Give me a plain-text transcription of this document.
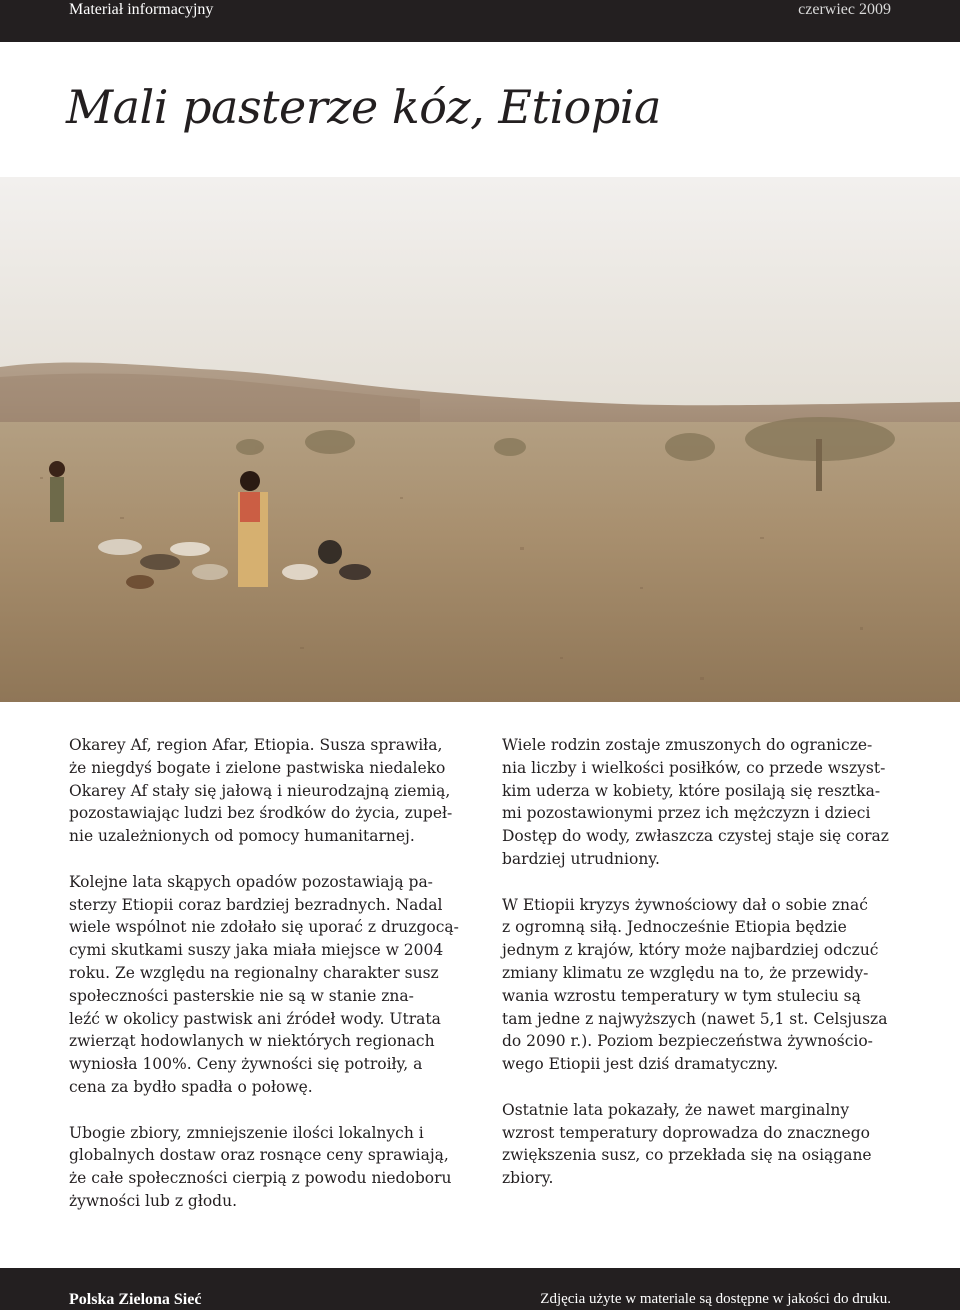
Materiał informacyjny	czerwiec 2009
Mali pasterze kóz, Etiopia

Okarey Af, region Afar, Etiopia. Susza sprawiła,
że niegdyś bogate i zielone pastwiska niedaleko
Okarey Af stały się jałową i nieurodzajną ziemią,
pozostawiając ludzi bez środków do życia, zupeł-
nie uzależnionych od pomocy humanitarnej.

Kolejne lata skąpych opadów pozostawiają pa-
sterzy Etiopii coraz bardziej bezradnych. Nadal
wiele wspólnot nie zdołało się uporać z druzgocą-
cymi skutkami suszy jaka miała miejsce w 2004
roku. Ze względu na regionalny charakter susz
społeczności pasterskie nie są w stanie zna-
leźć w okolicy pastwisk ani źródeł wody. Utrata
zwierząt hodowlanych w niektórych regionach
wyniosła 100%. Ceny żywności się potroiły, a
cena za bydło spadła o połowę.

Ubogie zbiory, zmniejszenie ilości lokalnych i
globalnych dostaw oraz rosnące ceny sprawiają,
że całe społeczności cierpią z powodu niedoboru
żywności lub z głodu.

Wiele rodzin zostaje zmuszonych do ogranicze-
nia liczby i wielkości posiłków, co przede wszyst-
kim uderza w kobiety, które posilają się resztka-
mi pozostawionymi przez ich mężczyzn i dzieci
Dostęp do wody, zwłaszcza czystej staje się coraz
bardziej utrudniony.

W Etiopii kryzys żywnościowy dał o sobie znać
z ogromną siłą. Jednocześnie Etiopia będzie
jednym z krajów, który może najbardziej odczuć
zmiany klimatu ze względu na to, że przewidy-
wania wzrostu temperatury w tym stuleciu są
tam jedne z najwyższych (nawet 5,1 st. Celsjusza
do 2090 r.). Poziom bezpieczeństwa żywnościo-
wego Etiopii jest dziś dramatyczny.

Ostatnie lata pokazały, że nawet marginalny
wzrost temperatury doprowadza do znacznego
zwiększenia susz, co przekłada się na osiągane
zbiory.

Polska Zielona Sieć	Zdjęcia użyte w materiale są dostępne w jakości do druku.
